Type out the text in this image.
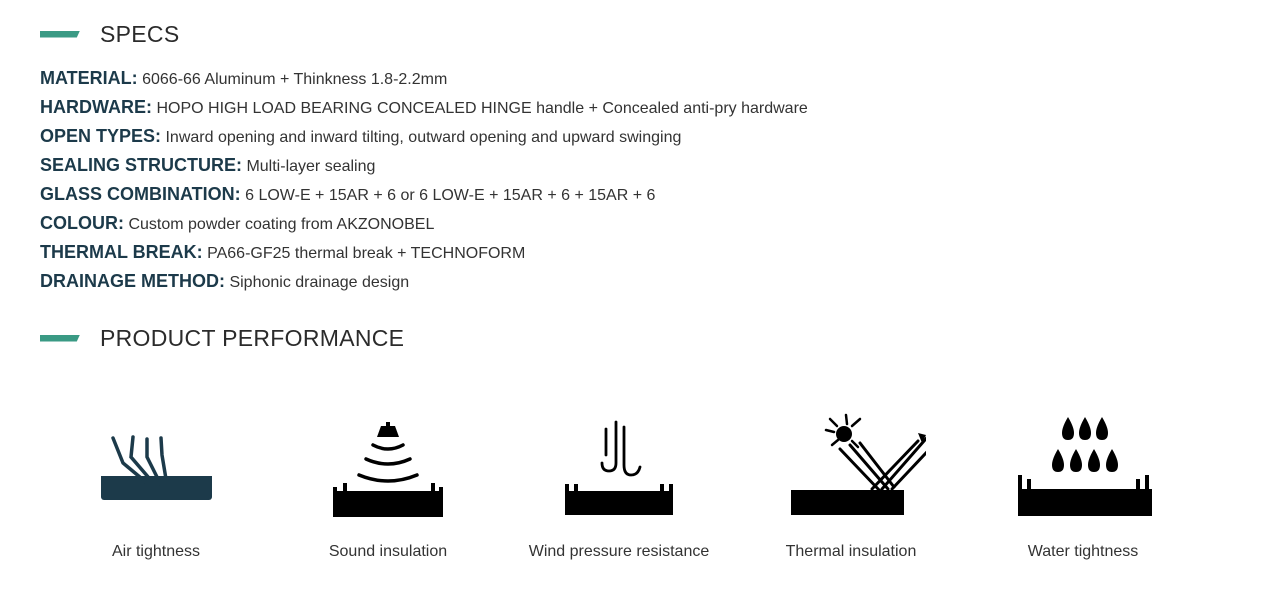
SPECS
MATERIAL: 6066-66 Aluminum + Thinkness 1.8-2.2mm
HARDWARE: HOPO HIGH LOAD BEARING CONCEALED HINGE handle + Concealed anti-pry hardware
OPEN TYPES: Inward opening and inward tilting, outward opening and upward swinging
SEALING STRUCTURE: Multi-layer sealing
GLASS COMBINATION: 6 LOW-E + 15AR + 6 or 6 LOW-E + 15AR + 6 + 15AR + 6
COLOUR: Custom powder coating from AKZONOBEL
THERMAL BREAK: PA66-GF25 thermal break + TECHNOFORM
DRAINAGE METHOD: Siphonic drainage design
PRODUCT PERFORMANCE
Air tightness	Sound insulation	Wind pressure resistance	Thermal insulation	Water tightness
